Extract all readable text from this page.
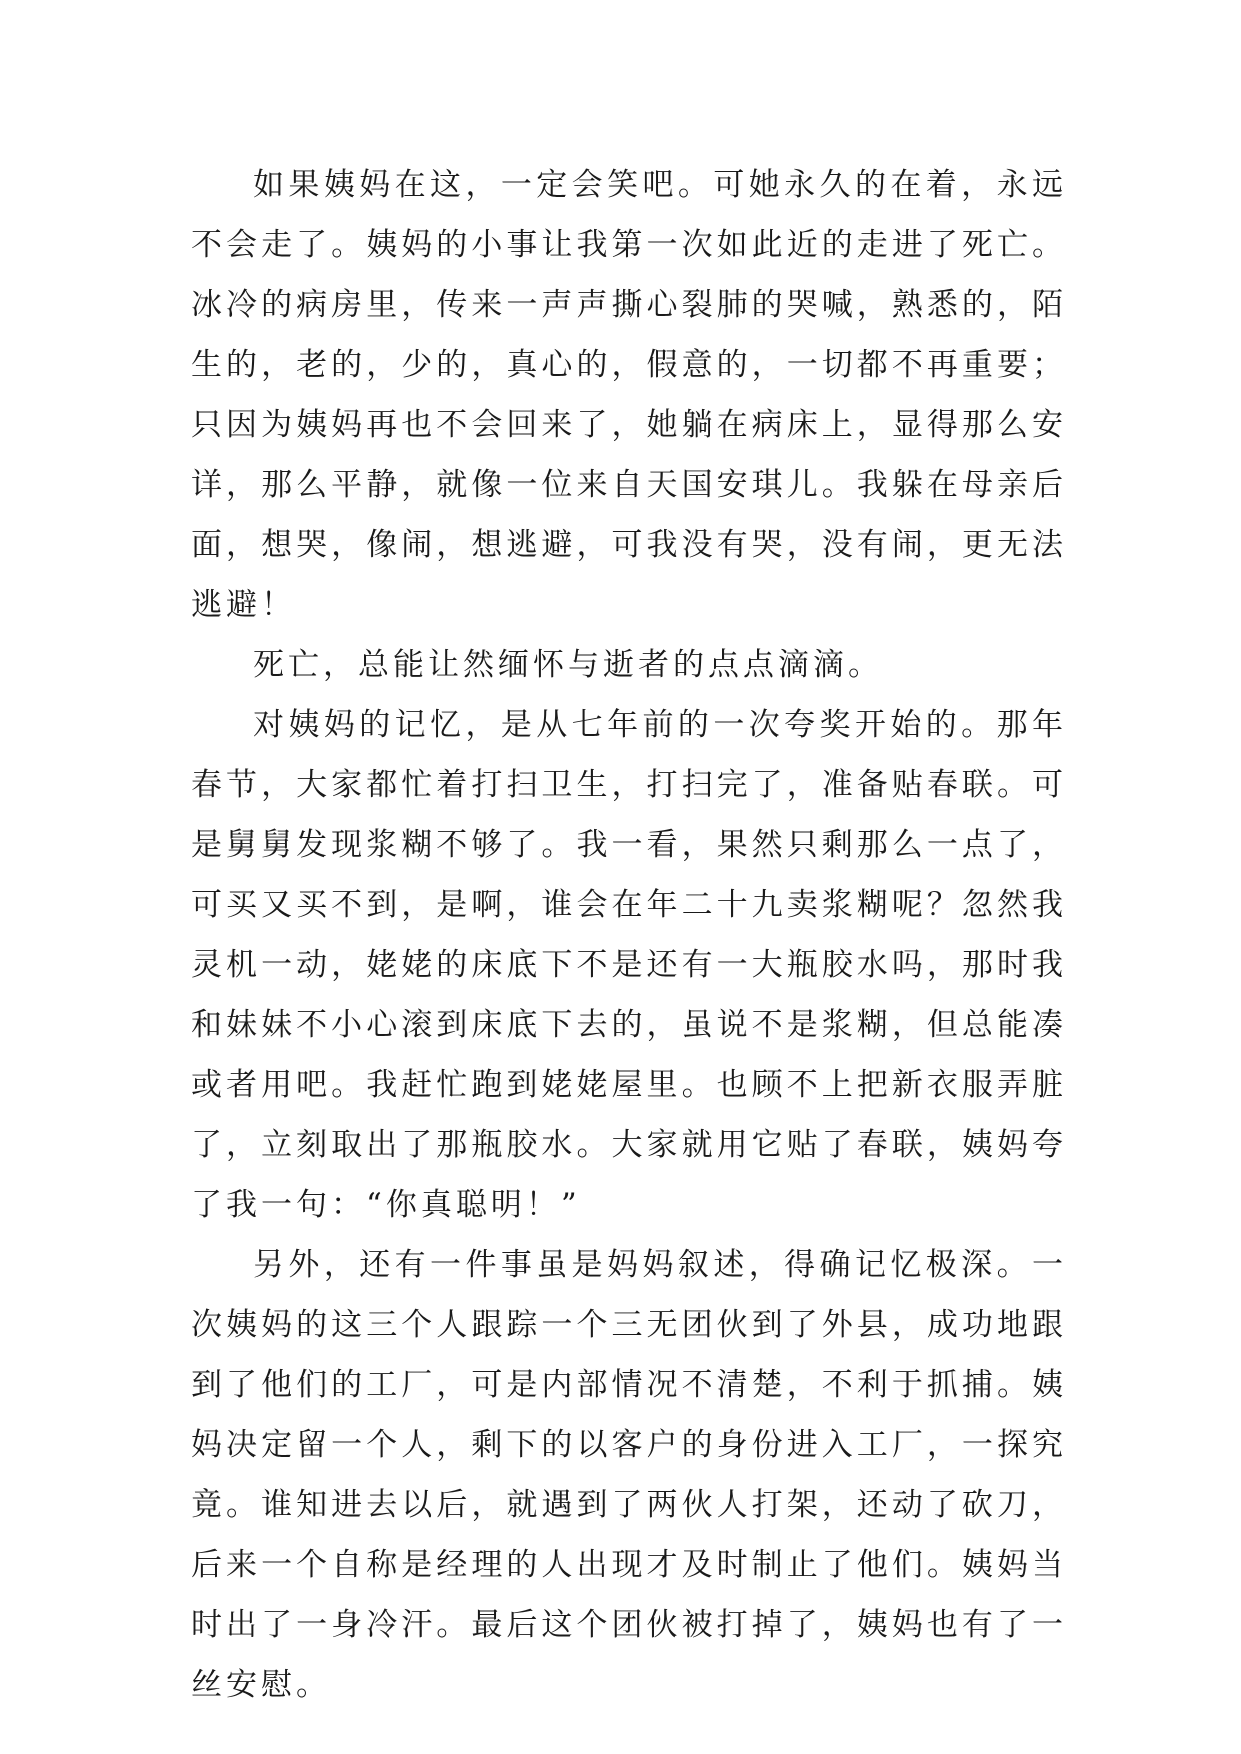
如果姨妈在这，一定会笑吧。可她永久的在着，永远不会走了。姨妈的小事让我第一次如此近的走进了死亡。冰冷的病房里，传来一声声撕心裂肺的哭喊，熟悉的，陌生的，老的，少的，真心的，假意的，一切都不再重要；只因为姨妈再也不会回来了，她躺在病床上，显得那么安详，那么平静，就像一位来自天国安琪儿。我躲在母亲后面，想哭，像闹，想逃避，可我没有哭，没有闹，更无法逃避！

死亡，总能让然缅怀与逝者的点点滴滴。

对姨妈的记忆，是从七年前的一次夸奖开始的。那年春节，大家都忙着打扫卫生，打扫完了，准备贴春联。可是舅舅发现浆糊不够了。我一看，果然只剩那么一点了，可买又买不到，是啊，谁会在年二十九卖浆糊呢？忽然我灵机一动，姥姥的床底下不是还有一大瓶胶水吗，那时我和妹妹不小心滚到床底下去的，虽说不是浆糊，但总能凑或者用吧。我赶忙跑到姥姥屋里。也顾不上把新衣服弄脏了，立刻取出了那瓶胶水。大家就用它贴了春联，姨妈夸了我一句：“你真聪明！”

另外，还有一件事虽是妈妈叙述，得确记忆极深。一次姨妈的这三个人跟踪一个三无团伙到了外县，成功地跟到了他们的工厂，可是内部情况不清楚，不利于抓捕。姨妈决定留一个人，剩下的以客户的身份进入工厂，一探究竟。谁知进去以后，就遇到了两伙人打架，还动了砍刀，后来一个自称是经理的人出现才及时制止了他们。姨妈当时出了一身冷汗。最后这个团伙被打掉了，姨妈也有了一丝安慰。
